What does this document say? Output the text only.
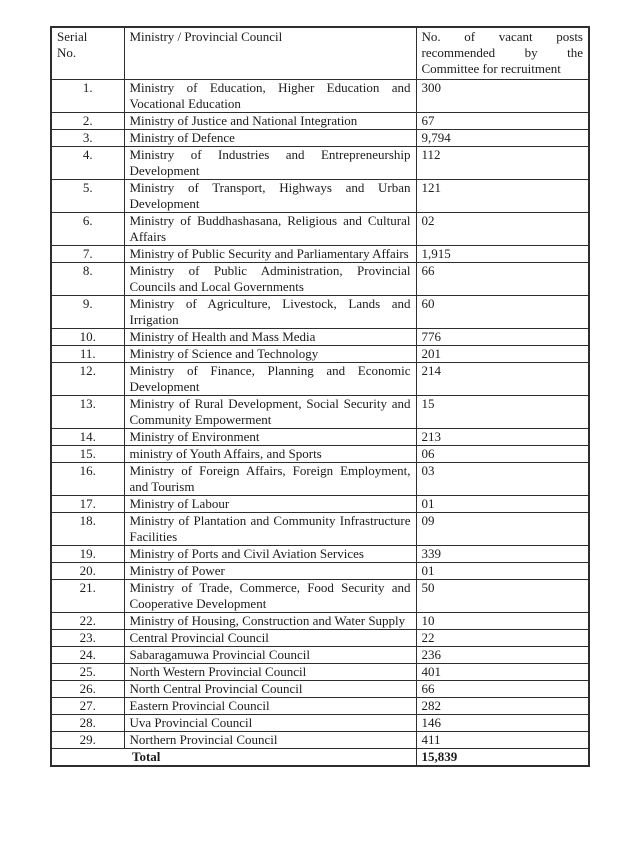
Serial No.	Ministry / Provincial Council	No. of vacant posts recommended by the Committee for recruitment
1.	Ministry of Education, Higher Education and Vocational Education	300
2.	Ministry of Justice and National Integration	67
3.	Ministry of Defence	9,794
4.	Ministry of Industries and Entrepreneurship Development	112
5.	Ministry of Transport, Highways and Urban Development	121
6.	Ministry of Buddhashasana, Religious and Cultural Affairs	02
7.	Ministry of Public Security and Parliamentary Affairs	1,915
8.	Ministry of Public Administration, Provincial Councils and Local Governments	66
9.	Ministry of Agriculture, Livestock, Lands and Irrigation	60
10.	Ministry of Health and Mass Media	776
11.	Ministry of Science and Technology	201
12.	Ministry of Finance, Planning and Economic Development	214
13.	Ministry of Rural Development, Social Security and Community Empowerment	15
14.	Ministry of Environment	213
15.	ministry of Youth Affairs, and Sports	06
16.	Ministry of Foreign Affairs, Foreign Employment, and Tourism	03
17.	Ministry of Labour	01
18.	Ministry of Plantation and Community Infrastructure Facilities	09
19.	Ministry of Ports and Civil Aviation Services	339
20.	Ministry of Power	01
21.	Ministry of Trade, Commerce, Food Security and Cooperative Development	50
22.	Ministry of Housing, Construction and Water Supply	10
23.	Central Provincial Council	22
24.	Sabaragamuwa Provincial Council	236
25.	North Western Provincial Council	401
26.	North Central Provincial Council	66
27.	Eastern Provincial Council	282
28.	Uva Provincial Council	146
29.	Northern Provincial Council	411
Total		15,839
